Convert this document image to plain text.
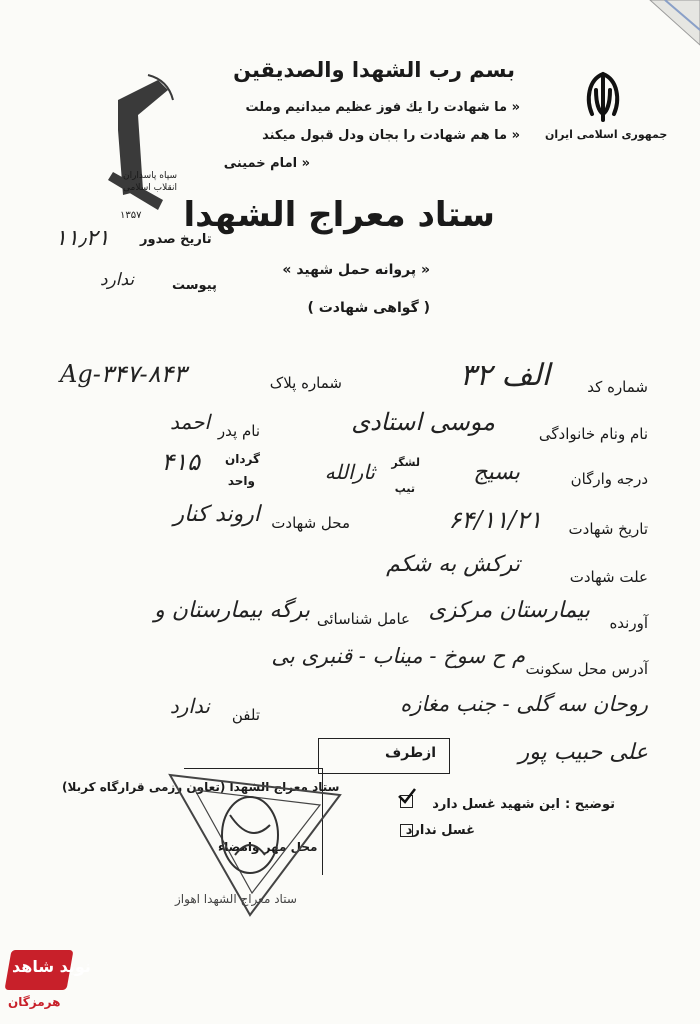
سپاه پاسداران انقلاب اسلامی
۱۳۵۷
جمهوری اسلامی ایران
بسم رب الشهدا والصدیقین
« ما شهادت را یك فوز عظیم میدانیم وملت
« ما هم شهادت را بجان ودل قبول میكند
« امام خمینی
ستاد معراج الشهدا
« پروانه حمل شهید »
( گواهی شهادت )
تاریخ صدور
۱۱٫۲۱
پیوست
ندارد
شماره کد
الف ۳۲
شماره پلاک
Ag-۳۴۷-۸۴۳
نام ونام خانوادگی
موسی استادی
نام پدر
احمد
درجه وارگان
بسیج
لشگر
تیپ
ثارالله
گردان
واحد
۴۱۵
تاریخ شهادت
۶۴/۱۱/۲۱
محل شهادت
اروند کنار
علت شهادت
ترکش به شکم
آورنده
بیمارستان مرکزی
عامل شناسائی
برگه بیمارستان و
آدرس محل سکونت
م ح سوخ - میناب - قنبری بی
روحان سه گلی - جنب مغازه
تلفن
ندارد
علی حبیب پور
ازطرف
ستاد معراج الشهدا (تعاون رزمی قرارگاه کربلا)
محل مهر وامضاء
ستاد معراج الشهدا اهواز
توضیح :
این شهید غسل دارد
غسل ندارد
نوید شاهد
هرمزگان
